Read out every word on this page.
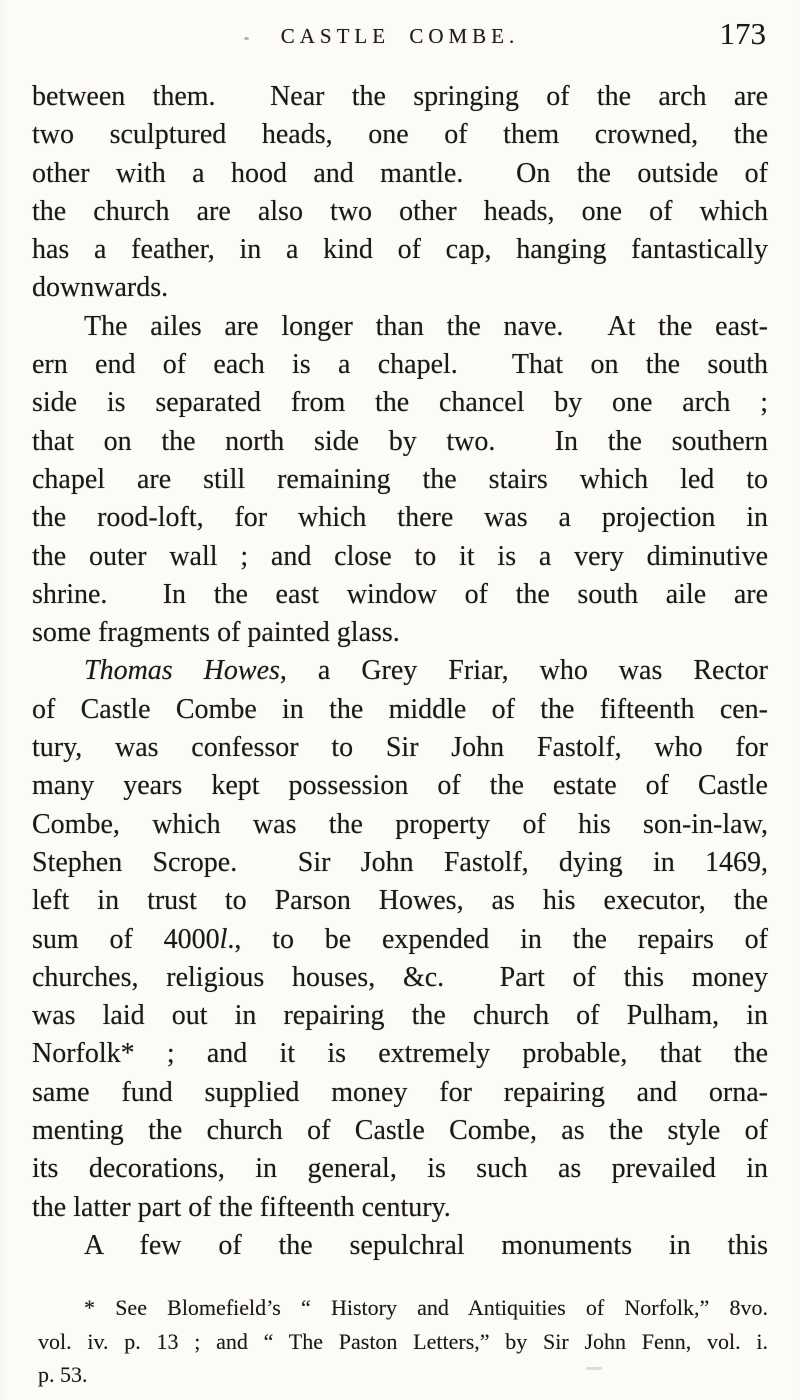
CASTLE COMBE.	173
between them.  Near the springing of the arch are
two sculptured heads, one of them crowned, the
other with a hood and mantle.  On the outside of
the church are also two other heads, one of which
has a feather, in a kind of cap, hanging fantastically
downwards.
The ailes are longer than the nave.  At the east-
ern end of each is a chapel.  That on the south
side is separated from the chancel by one arch ;
that on the north side by two.  In the southern
chapel are still remaining the stairs which led to
the rood-loft, for which there was a projection in
the outer wall ; and close to it is a very diminutive
shrine.  In the east window of the south aile are
some fragments of painted glass.
Thomas Howes, a Grey Friar, who was Rector
of Castle Combe in the middle of the fifteenth cen-
tury, was confessor to Sir John Fastolf, who for
many years kept possession of the estate of Castle
Combe, which was the property of his son-in-law,
Stephen Scrope.  Sir John Fastolf, dying in 1469,
left in trust to Parson Howes, as his executor, the
sum of 4000l., to be expended in the repairs of
churches, religious houses, &c.  Part of this money
was laid out in repairing the church of Pulham, in
Norfolk* ; and it is extremely probable, that the
same fund supplied money for repairing and orna-
menting the church of Castle Combe, as the style of
its decorations, in general, is such as prevailed in
the latter part of the fifteenth century.
A few of the sepulchral monuments in this
* See Blomefield’s “ History and Antiquities of Norfolk,” 8vo.
vol. iv. p. 13 ; and “ The Paston Letters,” by Sir John Fenn, vol. i.
p. 53.
